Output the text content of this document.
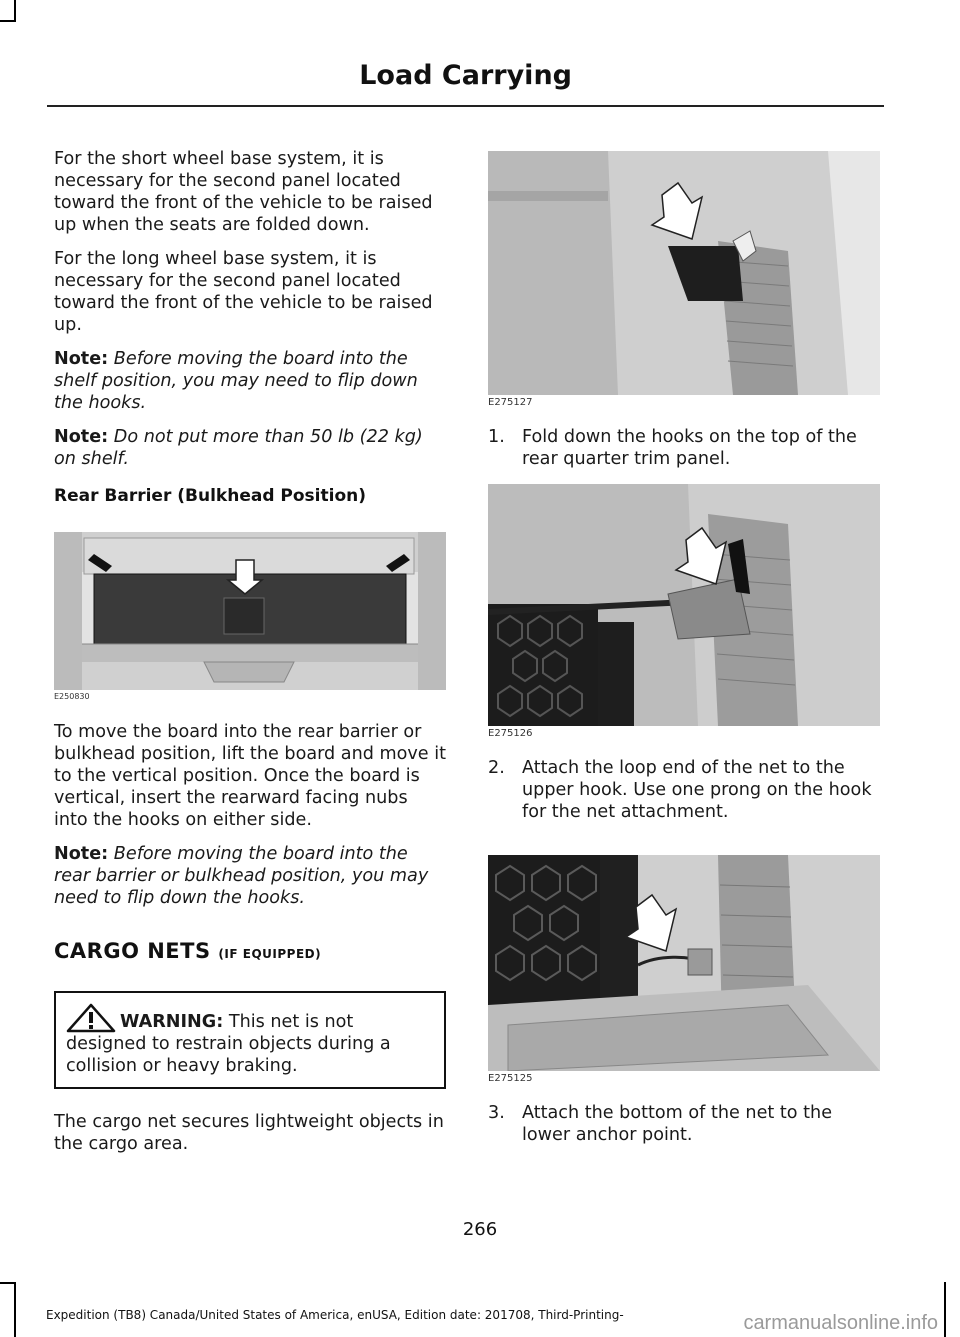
Load Carrying

For the short wheel base system, it is necessary for the second panel located toward the front of the vehicle to be raised up when the seats are folded down.

For the long wheel base system, it is necessary for the second panel located toward the front of the vehicle to be raised up.

Note: Before moving the board into the shelf position, you may need to flip down the hooks.

Note: Do not put more than 50 lb (22 kg) on shelf.

Rear Barrier (Bulkhead Position)
E250830

To move the board into the rear barrier or bulkhead position, lift the board and move it to the vertical position. Once the board is vertical, insert the rearward facing nubs into the hooks on either side.

Note: Before moving the board into the rear barrier or bulkhead position, you may need to flip down the hooks.

CARGO NETS (IF EQUIPPED)
WARNING: This net is not
designed to restrain objects during a
collision or heavy braking.

The cargo net secures lightweight objects in the cargo area.

E275127
1. Fold down the hooks on the top of the rear quarter trim panel.
E275126
2. Attach the loop end of the net to the upper hook. Use one prong on the hook for the net attachment.
E275125
3. Attach the bottom of the net to the lower anchor point.
266
Expedition (TB8) Canada/United States of America, enUSA, Edition date: 201708, Third-Printing-	carmanualsonline.info
